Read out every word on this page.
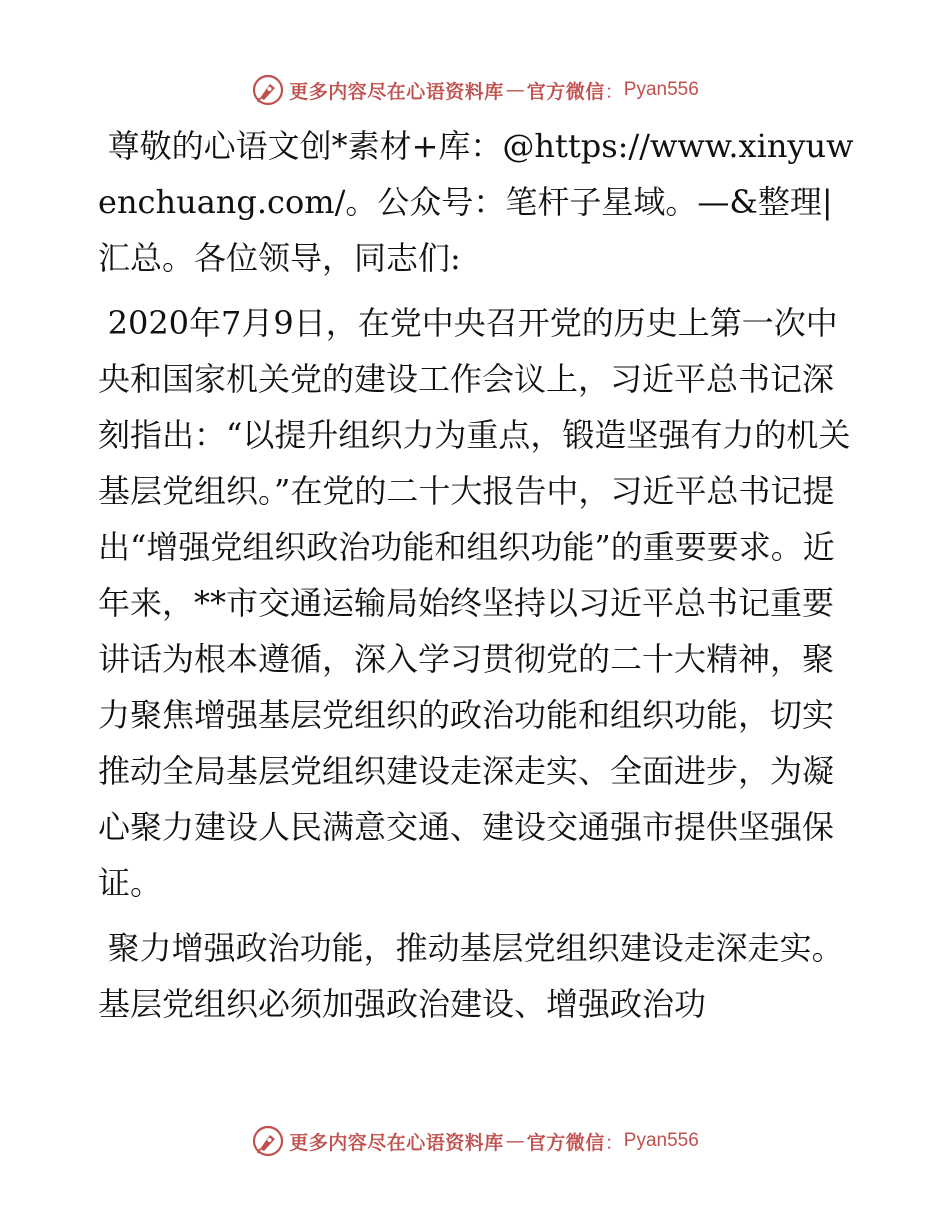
更多内容尽在心语资料库 — 官方微信 ： Pyan556

尊敬的心语文创*素材+库：@https://www.xinyuwenchuang.com/。公众号：笔杆子星域。—&整理|汇总。各位领导，同志们:

2020年7月9日，在党中央召开党的历史上第一次中央和国家机关党的建设工作会议上，习近平总书记深刻指出：“以提升组织力为重点，锻造坚强有力的机关基层党组织。”在党的二十大报告中，习近平总书记提出“增强党组织政治功能和组织功能”的重要要求。近年来，**市交通运输局始终坚持以习近平总书记重要讲话为根本遵循，深入学习贯彻党的二十大精神，聚力聚焦增强基层党组织的政治功能和组织功能，切实推动全局基层党组织建设走深走实、全面进步，为凝心聚力建设人民满意交通、建设交通强市提供坚强保证。

聚力增强政治功能，推动基层党组织建设走深走实。基层党组织必须加强政治建设、增强政治功

更多内容尽在心语资料库 — 官方微信 ： Pyan556
